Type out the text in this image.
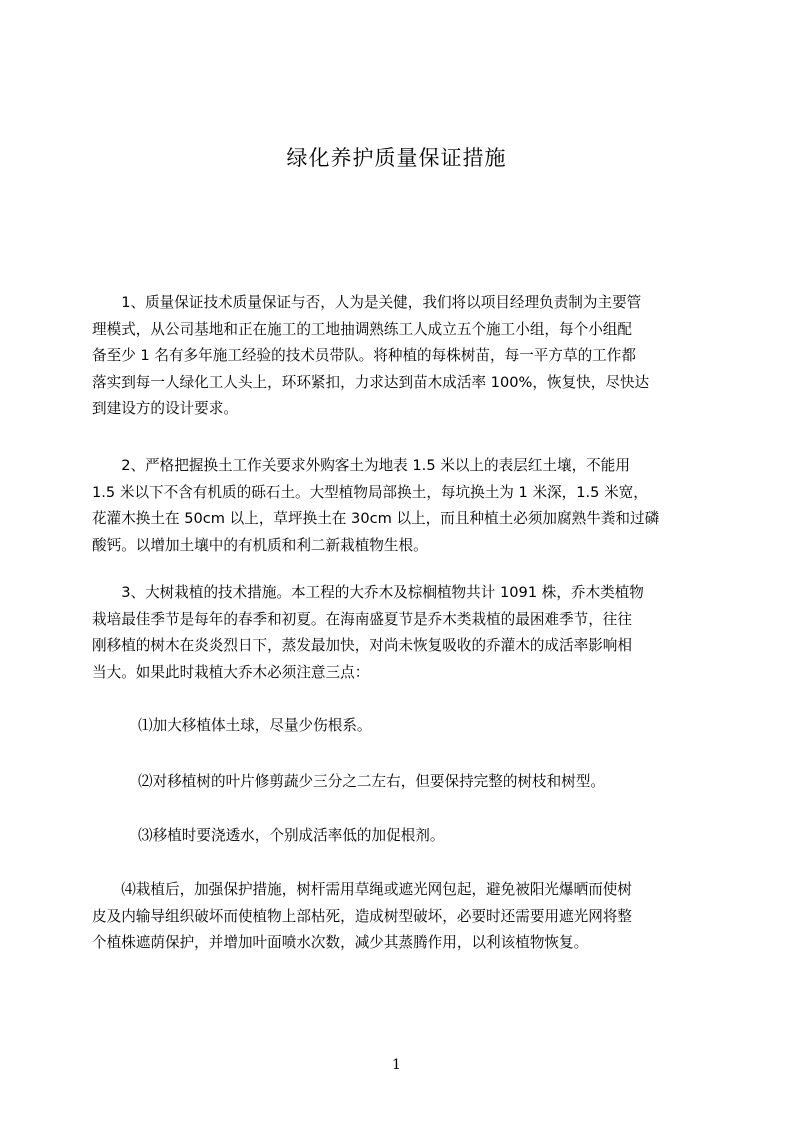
绿化养护质量保证措施
　　1、质量保证技术质量保证与否，人为是关健，我们将以项目经理负责制为主要管
理模式，从公司基地和正在施工的工地抽调熟练工人成立五个施工小组，每个小组配
备至少 1 名有多年施工经验的技术员带队。将种植的每株树苗，每一平方草的工作都
落实到每一人绿化工人头上，环环紧扣，力求达到苗木成活率 100%，恢复快，尽快达
到建设方的设计要求。
　　2、严格把握换土工作关要求外购客土为地表 1.5 米以上的表层红土壤，不能用
1.5 米以下不含有机质的砾石土。大型植物局部换土，每坑换土为 1 米深，1.5 米宽，
花灌木换土在 50cm 以上，草坪换土在 30cm 以上，而且种植土必须加腐熟牛粪和过磷
酸钙。以增加土壤中的有机质和利二新栽植物生根。
　　3、大树栽植的技术措施。本工程的大乔木及棕榈植物共计 1091 株，乔木类植物
栽培最佳季节是每年的春季和初夏。在海南盛夏节是乔木类栽植的最困难季节，往往
刚移植的树木在炎炎烈日下，蒸发最加快，对尚未恢复吸收的乔灌木的成活率影响相
当大。如果此时栽植大乔木必须注意三点：
⑴加大移植体土球，尽量少伤根系。
⑵对移植树的叶片修剪蔬少三分之二左右，但要保持完整的树枝和树型。
⑶移植时要浇透水，个别成活率低的加促根剂。
　　⑷栽植后，加强保护措施，树杆需用草绳或遮光网包起，避免被阳光爆晒而使树
皮及内输导组织破坏而使植物上部枯死，造成树型破坏，必要时还需要用遮光网将整
个植株遮荫保护，并增加叶面喷水次数，减少其蒸腾作用，以利该植物恢复。
1
